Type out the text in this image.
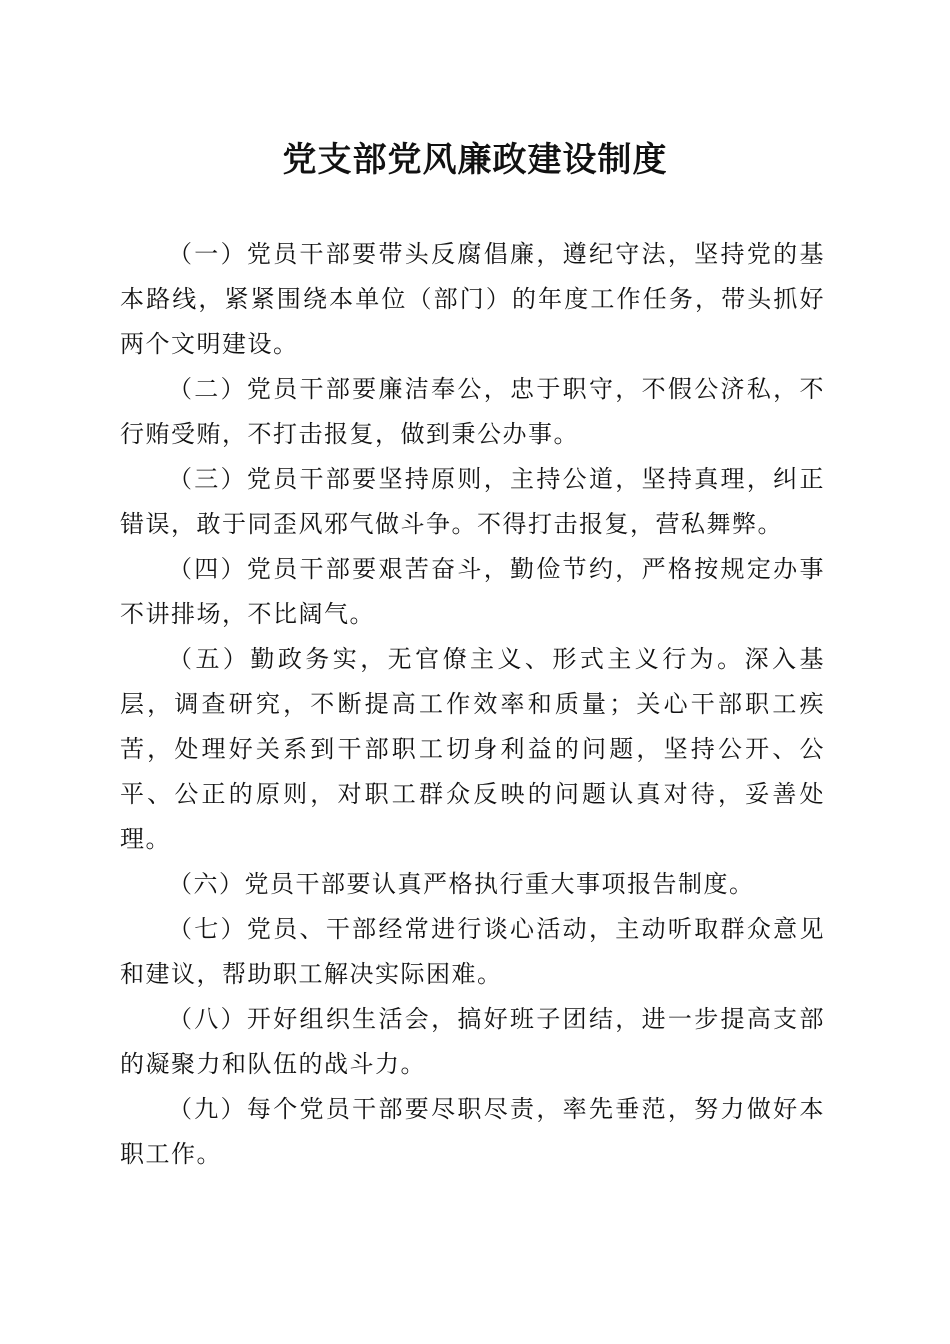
党支部党风廉政建设制度

（一）党员干部要带头反腐倡廉，遵纪守法，坚持党的基本路线，紧紧围绕本单位（部门）的年度工作任务，带头抓好两个文明建设。

（二）党员干部要廉洁奉公，忠于职守，不假公济私，不行贿受贿，不打击报复，做到秉公办事。

（三）党员干部要坚持原则，主持公道，坚持真理，纠正错误，敢于同歪风邪气做斗争。不得打击报复，营私舞弊。

（四）党员干部要艰苦奋斗，勤俭节约，严格按规定办事不讲排场，不比阔气。

（五）勤政务实，无官僚主义、形式主义行为。深入基层，调查研究，不断提高工作效率和质量；关心干部职工疾苦，处理好关系到干部职工切身利益的问题，坚持公开、公平、公正的原则，对职工群众反映的问题认真对待，妥善处理。

（六）党员干部要认真严格执行重大事项报告制度。

（七）党员、干部经常进行谈心活动，主动听取群众意见和建议，帮助职工解决实际困难。

（八）开好组织生活会，搞好班子团结，进一步提高支部的凝聚力和队伍的战斗力。

（九）每个党员干部要尽职尽责，率先垂范，努力做好本职工作。
